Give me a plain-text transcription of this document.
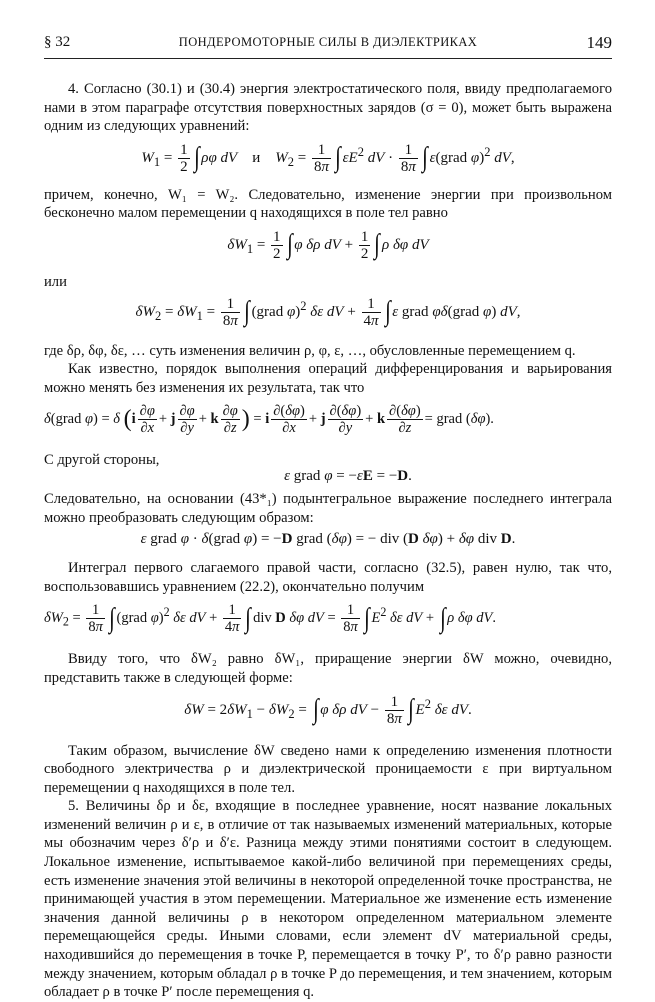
§ 32	ПОНДЕРОМОТОРНЫЕ СИЛЫ В ДИЭЛЕКТРИКАХ	149

4. Согласно (30.1) и (30.4) энергия электростатического поля, ввиду предполагаемого нами в этом параграфе отсутствия поверхностных зарядов (σ = 0), может быть выражена одним из следующих уравнений:

$W_1 = \frac{1}{2}$ ∫ ρφ dV    и    $W_2 = \frac{1}{8\pi}$ ∫ $\varepsilon E^2$ dV · $\frac{1}{8\pi}$ ∫ ε(grad φ)$^2$ dV,

причем, конечно, W₁ = W₂. Следовательно, изменение энергии при произвольном бесконечно малом перемещении q находящихся в поле тел равно

$\delta W_1 = \frac{1}{2}$ ∫ φ δρ dV + $\frac{1}{2}$ ∫ ρ δφ dV

или

$\delta W_2 = \delta W_1 = \frac{1}{8\pi}$ ∫ (grad φ)$^2$ δε dV + $\frac{1}{4\pi}$ ∫ ε grad φδ(grad φ) dV,

где δρ, δφ, δε, … суть изменения величин ρ, φ, ε, …, обусловленные перемещением q.

Как известно, порядок выполнения операций дифференцирования и варьирования можно менять без изменения их результата, так что

δ(grad φ) = δ ($i \frac{\partial\varphi}{\partial x} + j \frac{\partial\varphi}{\partial y} + k \frac{\partial\varphi}{\partial z}$ ) = i $\frac{\partial(\delta\varphi)}{\partial x} + j \frac{\partial(\delta\varphi)}{\partial y} + k \frac{\partial(\delta\varphi)}{\partial z}$ = grad (δφ).

С другой стороны,

ε grad φ = −εE = −D.

Следовательно, на основании (43*₁) подынтегральное выражение последнего интеграла можно преобразовать следующим образом:

ε grad φ · δ(grad φ) = −D grad (δφ) = − div (D δφ) + δφ div D.

Интеграл первого слагаемого правой части, согласно (32.5), равен нулю, так что, воспользовавшись уравнением (22.2), окончательно получим

$\delta W_2 = \frac{1}{8\pi}$ ∫ (grad φ)$^2$ δε dV + $\frac{1}{4\pi}$ ∫ div D δφ dV = $\frac{1}{8\pi}$ ∫ $E^2$ δε dV + ∫ ρ δφ dV.

Ввиду того, что δW₂ равно δW₁, приращение энергии δW можно, очевидно, представить также в следующей форме:

$\delta W = 2\delta W_1 - \delta W_2$ = ∫ φ δρ dV − $\frac{1}{8\pi}$ ∫ $E^2$ δε dV.

Таким образом, вычисление δW сведено нами к определению изменения плотности свободного электричества ρ и диэлектрической проницаемости ε при виртуальном перемещении q находящихся в поле тел.

5. Величины δρ и δε, входящие в последнее уравнение, носят название локальных изменений величин ρ и ε, в отличие от так называемых изменений материальных, которые мы обозначим через δ′ρ и δ′ε. Разница между этими понятиями состоит в следующем. Локальное изменение, испытываемое какой-либо величиной при перемещениях среды, есть изменение значения этой величины в некоторой определенной точке пространства, не принимающей участия в этом перемещении. Материальное же изменение есть изменение значения данной величины ρ в некотором определенном материальном элементе перемещающейся среды. Иными словами, если элемент dV материальной среды, находившийся до перемещения в точке P, перемещается в точку P′, то δ′ρ равно разности между значением, которым обладал ρ в точке P до перемещения, и тем значением, которым обладает ρ в точке P′ после перемещения q.
